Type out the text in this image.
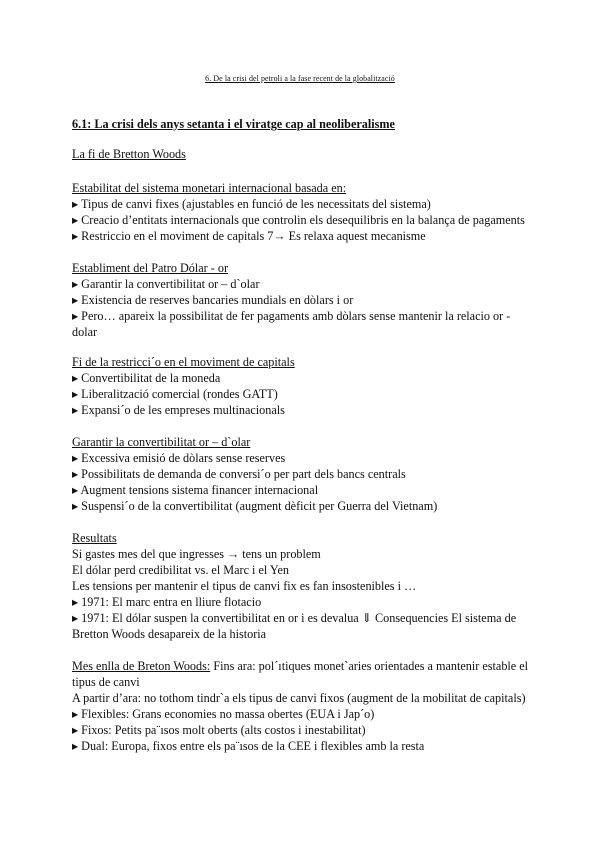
6. De la crisi del petroli a la fase recent de la globalització
6.1: La crisi dels anys setanta i el viratge cap al neoliberalisme
La fi de Bretton Woods
Estabilitat del sistema monetari internacional basada en:
▸ Tipus de canvi fixes (ajustables en funció de les necessitats del sistema)
▸ Creacio d’entitats internacionals que controlin els desequilibris en la balança de pagaments
▸ Restriccio en el moviment de capitals 7→ Es relaxa aquest mecanisme
Establiment del Patro Dólar - or
▸ Garantir la convertibilitat or – d`olar
▸ Existencia de reserves bancaries mundials en dòlars i or
▸ Pero… apareix la possibilitat de fer pagaments amb dòlars sense mantenir la relacio or -
dolar
Fi de la restricci´o en el moviment de capitals
▸ Convertibilitat de la moneda
▸ Liberalització comercial (rondes GATT)
▸ Expansi´o de les empreses multinacionals
Garantir la convertibilitat or – d`olar
▸ Excessiva emisió de dòlars sense reserves
▸ Possibilitats de demanda de conversi´o per part dels bancs centrals
▸ Augment tensions sistema financer internacional
▸ Suspensi´o de la convertibilitat (augment dèficit per Guerra del Vietnam)
Resultats
Si gastes mes del que ingresses → tens un problem
El dólar perd credibilitat vs. el Marc i el Yen
Les tensions per mantenir el tipus de canvi fix es fan insostenibles i …
▸ 1971: El marc entra en lliure flotacio
▸ 1971: El dólar suspen la convertibilitat en or i es devalua ⇓ Consequencies El sistema de
Bretton Woods desapareix de la historia
Mes enlla de Breton Woods: Fins ara: pol´ıtiques monet`aries orientades a mantenir estable el
tipus de canvi
A partir d’ara: no tothom tindr`a els tipus de canvi fixos (augment de la mobilitat de capitals)
▸ Flexibles: Grans economies no massa obertes (EUA i Jap´o)
▸ Fixos: Petits pa¨ısos molt oberts (alts costos i inestabilitat)
▸ Dual: Europa, fixos entre els pa¨ısos de la CEE i flexibles amb la resta
